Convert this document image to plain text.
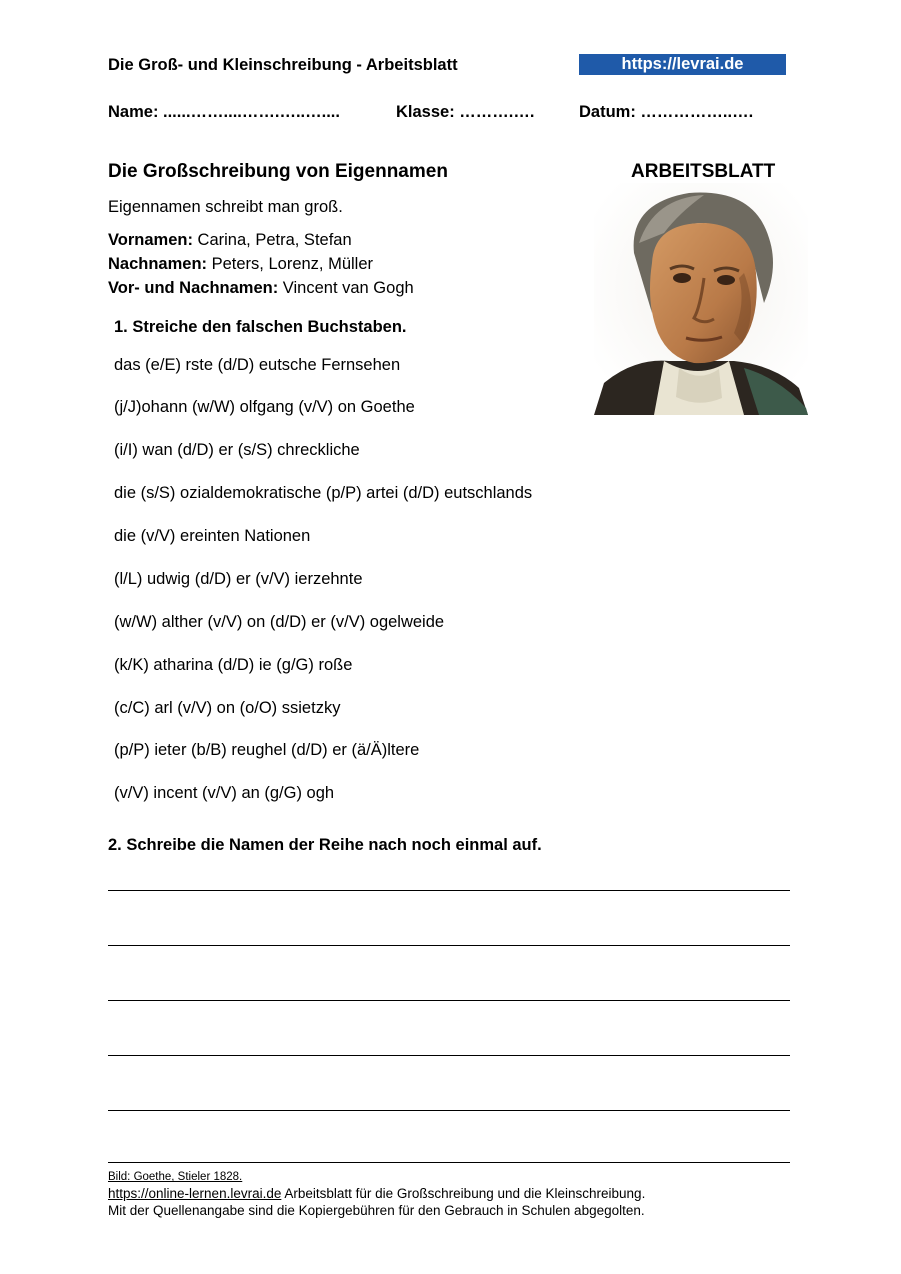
Die Groß- und Kleinschreibung - Arbeitsblatt	https://levrai.de
Name: ......……....…….…..…....	Klasse: ……….….	Datum: ……………..….
Die Großschreibung von Eigennamen	ARBEITSBLATT
Eigennamen schreibt man groß.
Vornamen: Carina, Petra, Stefan
Nachnamen: Peters, Lorenz, Müller
Vor- und Nachnamen: Vincent van Gogh
1. Streiche den falschen Buchstaben.
das (e/E) rste (d/D) eutsche Fernsehen
(j/J)ohann (w/W) olfgang (v/V) on Goethe
(i/I) wan (d/D) er (s/S) chreckliche
die (s/S) ozialdemokratische (p/P) artei (d/D) eutschlands
die (v/V) ereinten Nationen
(l/L) udwig (d/D) er (v/V) ierzehnte
(w/W) alther (v/V) on (d/D) er (v/V) ogelweide
(k/K) atharina (d/D) ie (g/G) roße
(c/C) arl (v/V) on (o/O) ssietzky
(p/P) ieter (b/B) reughel (d/D) er (ä/Ä)ltere
(v/V) incent (v/V) an (g/G) ogh
2. Schreibe die Namen der Reihe nach noch einmal auf.
Bild: Goethe, Stieler 1828.
https://online-lernen.levrai.de Arbeitsblatt für die Großschreibung und die Kleinschreibung.
Mit der Quellenangabe sind die Kopiergebühren für den Gebrauch in Schulen abgegolten.
